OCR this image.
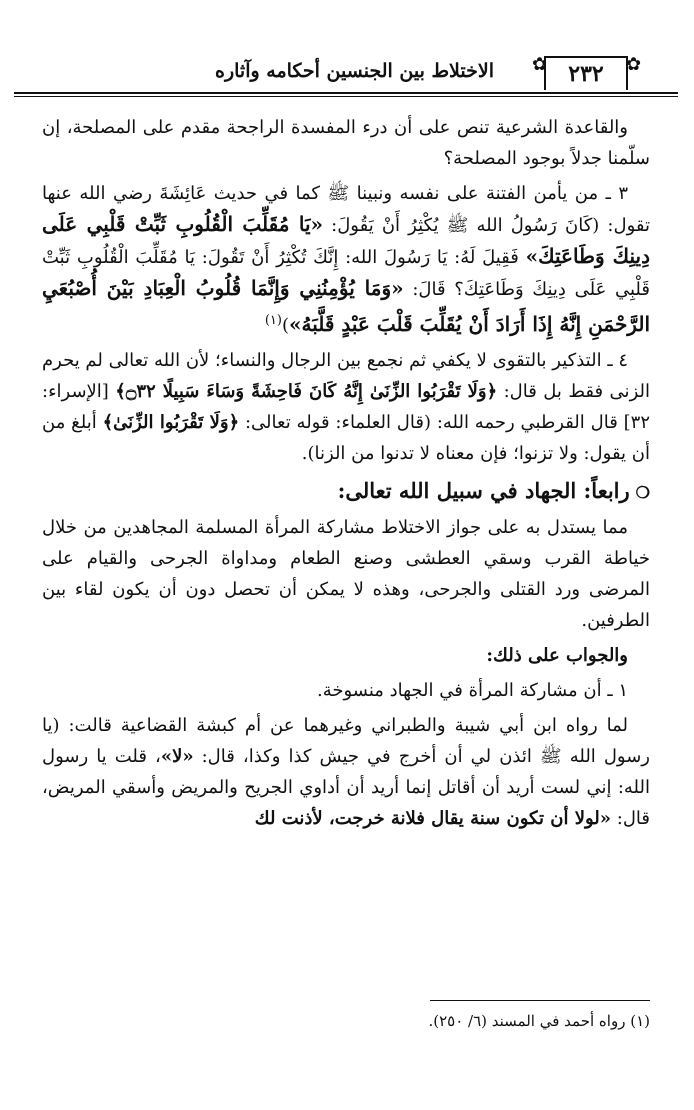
الاختلاط بين الجنسين أحكامه وآثاره ✿ ٢٣٢	✿

والقاعدة الشرعية تنص على أن درء المفسدة الراجحة مقدم على المصلحة، إن سلّمنا جدلاً بوجود المصلحة؟

٣ ـ من يأمن الفتنة على نفسه ونبينا ﷺ كما في حديث عَائِشَةَ رضي الله عنها تقول: (كَانَ رَسُولُ الله ﷺ يُكْثِرُ أَنْ يَقُولَ: «يَا مُقَلِّبَ الْقُلُوبِ ثَبِّتْ قَلْبِي عَلَى دِينِكَ وَطَاعَتِكَ» فَقِيلَ لَهُ: يَا رَسُولَ الله: إِنَّكَ تُكْثِرُ أَنْ تَقُولَ: يَا مُقَلِّبَ الْقُلُوبِ ثَبِّتْ قَلْبِي عَلَى دِينِكَ وَطَاعَتِكَ؟ قَالَ: «وَمَا يُؤْمِنُنِي وَإِنَّمَا قُلُوبُ الْعِبَادِ بَيْنَ أُصْبُعَيِ الرَّحْمَنِ إِنَّهُ إِذَا أَرَادَ أَنْ يُقَلِّبَ قَلْبَ عَبْدٍ قَلَّبَهُ»)$^{(١)}$

٤ ـ التذكير بالتقوى لا يكفي ثم نجمع بين الرجال والنساء؛ لأن الله تعالى لم يحرم الزنى فقط بل قال: ﴿وَلَا تَقْرَبُوا الزِّنَىٰ إِنَّهُ كَانَ فَاحِشَةً وَسَاءَ سَبِيلًا ۝٣٢﴾ [الإسراء: ٣٢] قال القرطبي رحمه الله: (قال العلماء: قوله تعالى: ﴿وَلَا تَقْرَبُوا الزِّنَىٰ﴾ أبلغ من أن يقول: ولا تزنوا؛ فإن معناه لا تدنوا من الزنا).

❍رابعاً: الجهاد في سبيل الله تعالى:

مما يستدل به على جواز الاختلاط مشاركة المرأة المسلمة المجاهدين من خلال خياطة القرب وسقي العطشى وصنع الطعام ومداواة الجرحى والقيام على المرضى ورد القتلى والجرحى، وهذه لا يمكن أن تحصل دون أن يكون لقاء بين الطرفين.

والجواب على ذلك:

١ ـ أن مشاركة المرأة في الجهاد منسوخة.

لما رواه ابن أبي شيبة والطبراني وغيرهما عن أم كبشة القضاعية قالت: (يا رسول الله ﷺ ائذن لي أن أخرج في جيش كذا وكذا، قال: «لا»، قلت يا رسول الله: إني لست أريد أن أقاتل إنما أريد أن أداوي الجريح والمريض وأسقي المريض، قال: «لولا أن تكون سنة يقال فلانة خرجت، لأذنت لك

(١) رواه أحمد في المسند (٦/ ٢٥٠).
